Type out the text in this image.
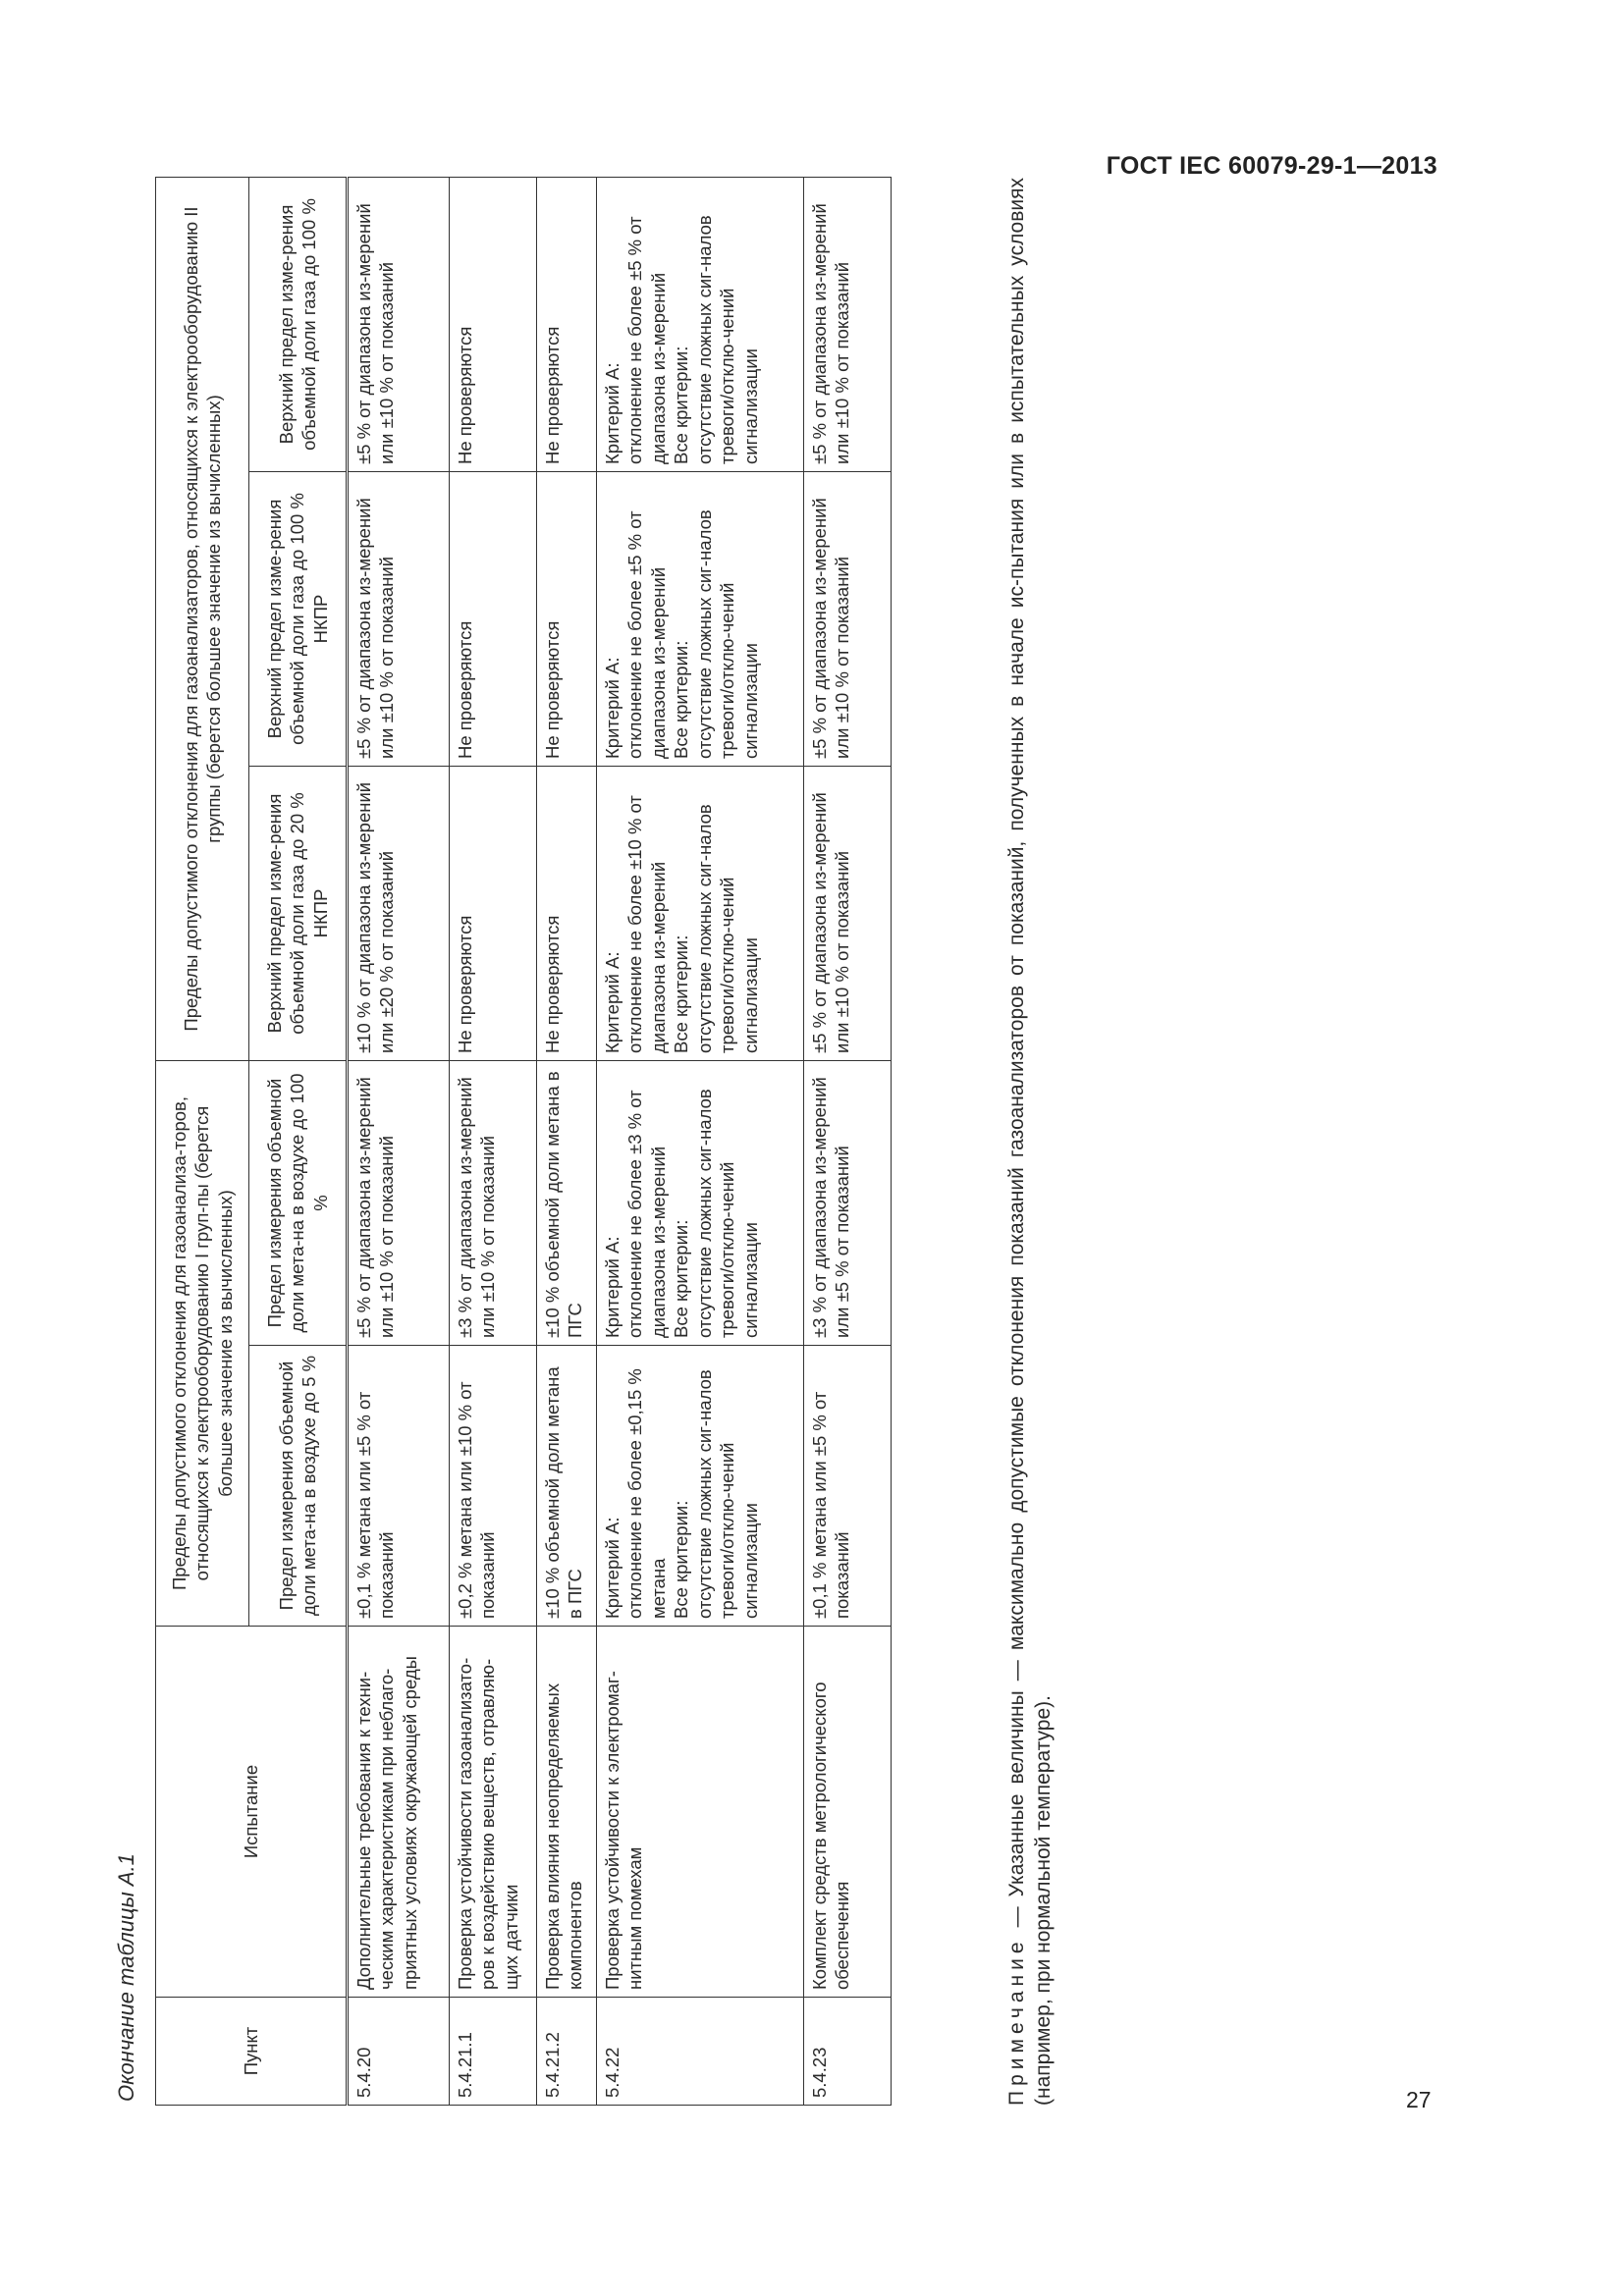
ГОСТ IEC 60079-29-1—2013
Окончание таблицы А.1	Пункт	Испытание	Пределы допустимого отклонения для газоанализа-торов, относящихся к электрооборудованию I груп-пы (берется большее значение из вычисленных)		Пределы допустимого отклонения для газоанализаторов, относящихся к электрооборудованию II группы (берется большее значение из вычисленных)		
		Предел измерения объемной доли мета-на в воздухе до 5 %	Предел измерения объемной доли мета-на в воздухе до 100 %	Верхний предел изме-рения объемной доли газа до 20 % НКПР	Верхний предел изме-рения объемной доли газа до 100 % НКПР	Верхний предел изме-рения объемной доли газа до 100 %
5.4.20	Дополнительные требования к техни-ческим характеристикам при неблаго-приятных условиях окружающей среды	±0,1 % метана или ±5 % от показаний	±5 % от диапазона из-мерений или ±10 % от показаний	±10 % от диапазона из-мерений или ±20 % от показаний	±5 % от диапазона из-мерений или ±10 % от показаний	±5 % от диапазона из-мерений или ±10 % от показаний
5.4.21.1	Проверка устойчивости газоанализато-ров к воздействию веществ, отравляю-щих датчики	±0,2 % метана или ±10 % от показаний	±3 % от диапазона из-мерений или ±10 % от показаний	Не проверяются	Не проверяются	Не проверяются
5.4.21.2	Проверка влияния неопределяемых компонентов	±10 % объемной доли метана в ПГС	±10 % объемной доли метана в ПГС	Не проверяются	Не проверяются	Не проверяются
5.4.22	Проверка устойчивости к электромаг-нитным помехам	Критерий А:
отклонение не более ±0,15 % метана
Все критерии:
отсутствие ложных сиг-налов тревоги/отклю-чений сигнализации	Критерий А:
отклонение не более ±3 % от диапазона из-мерений
Все критерии:
отсутствие ложных сиг-налов тревоги/отклю-чений сигнализации	Критерий А:
отклонение не более ±10 % от диапазона из-мерений
Все критерии:
отсутствие ложных сиг-налов тревоги/отклю-чений сигнализации	Критерий А:
отклонение не более ±5 % от диапазона из-мерений
Все критерии:
отсутствие ложных сиг-налов тревоги/отклю-чений сигнализации	Критерий А:
отклонение не более ±5 % от диапазона из-мерений
Все критерии:
отсутствие ложных сиг-налов тревоги/отклю-чений сигнализации
5.4.23	Комплект средств метрологического обеспечения	±0,1 % метана или ±5 % от показаний	±3 % от диапазона из-мерений или ±5 % от показаний	±5 % от диапазона из-мерений или ±10 % от показаний	±5 % от диапазона из-мерений или ±10 % от показаний	±5 % от диапазона из-мерений или ±10 % от показаний
Примечание — Указанные величины — максимально допустимые отклонения показаний газоанализаторов от показаний, полученных в начале ис-пытания или в испытательных условиях (например, при нормальной температуре).	27
